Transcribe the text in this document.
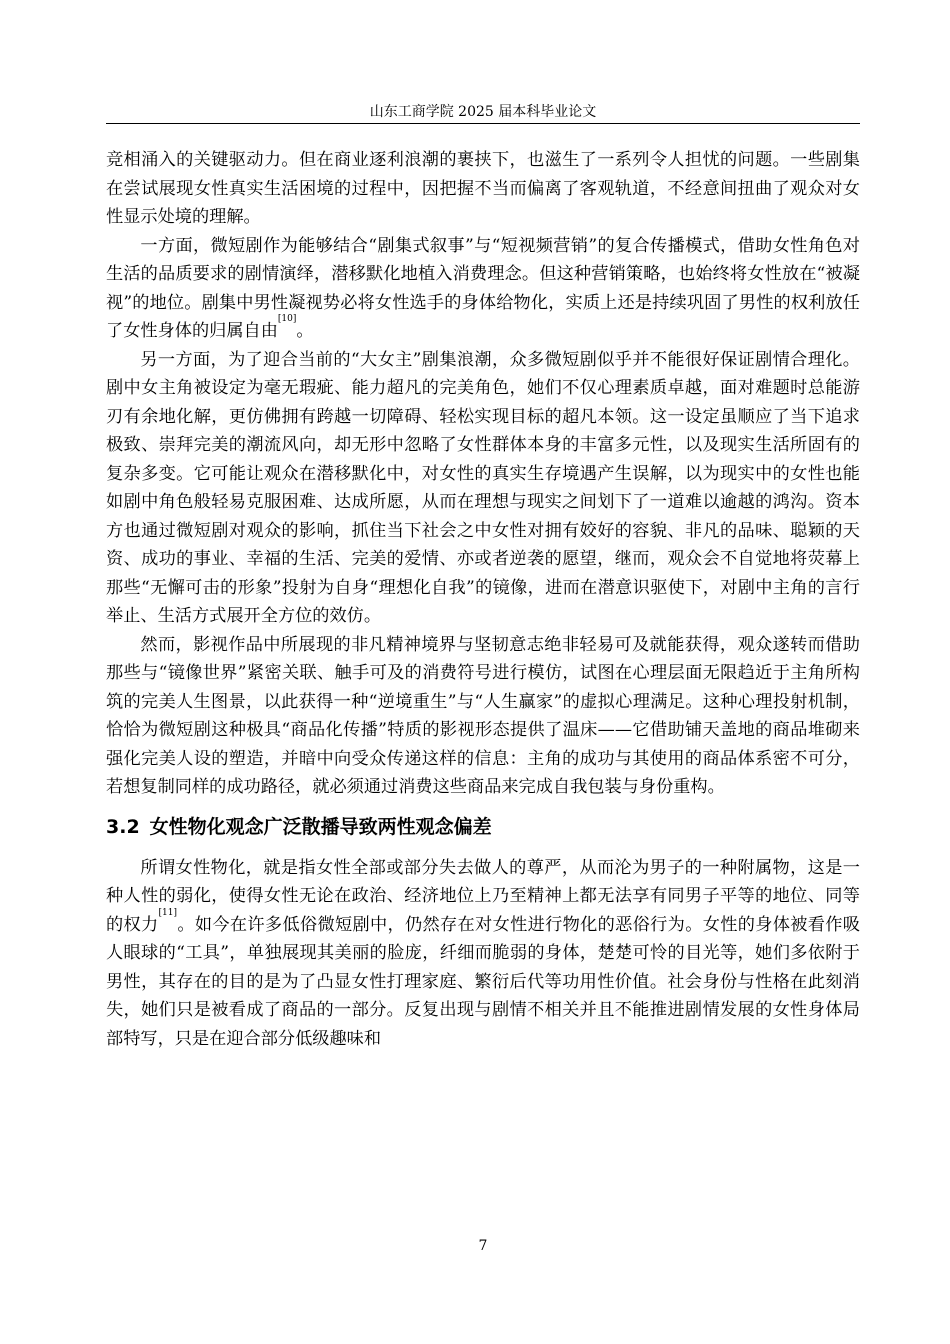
山东工商学院 2025 届本科毕业论文

竞相涌入的关键驱动力。但在商业逐利浪潮的裹挟下，也滋生了一系列令人担忧的问题。一些剧集在尝试展现女性真实生活困境的过程中，因把握不当而偏离了客观轨道，不经意间扭曲了观众对女性显示处境的理解。

一方面，微短剧作为能够结合“剧集式叙事”与“短视频营销”的复合传播模式，借助女性角色对生活的品质要求的剧情演绎，潜移默化地植入消费理念。但这种营销策略，也始终将女性放在“被凝视”的地位。剧集中男性凝视势必将女性选手的身体给物化，实质上还是持续巩固了男性的权利放任了女性身体的归属自由[10]。

另一方面，为了迎合当前的“大女主”剧集浪潮，众多微短剧似乎并不能很好保证剧情合理化。剧中女主角被设定为毫无瑕疵、能力超凡的完美角色，她们不仅心理素质卓越，面对难题时总能游刃有余地化解，更仿佛拥有跨越一切障碍、轻松实现目标的超凡本领。这一设定虽顺应了当下追求极致、崇拜完美的潮流风向，却无形中忽略了女性群体本身的丰富多元性，以及现实生活所固有的复杂多变。它可能让观众在潜移默化中，对女性的真实生存境遇产生误解，以为现实中的女性也能如剧中角色般轻易克服困难、达成所愿，从而在理想与现实之间划下了一道难以逾越的鸿沟。资本方也通过微短剧对观众的影响，抓住当下社会之中女性对拥有姣好的容貌、非凡的品味、聪颖的天资、成功的事业、幸福的生活、完美的爱情、亦或者逆袭的愿望，继而，观众会不自觉地将荧幕上那些“无懈可击的形象”投射为自身“理想化自我”的镜像，进而在潜意识驱使下，对剧中主角的言行举止、生活方式展开全方位的效仿。

然而，影视作品中所展现的非凡精神境界与坚韧意志绝非轻易可及就能获得，观众遂转而借助那些与“镜像世界”紧密关联、触手可及的消费符号进行模仿，试图在心理层面无限趋近于主角所构筑的完美人生图景，以此获得一种“逆境重生”与“人生赢家”的虚拟心理满足。这种心理投射机制，恰恰为微短剧这种极具“商品化传播”特质的影视形态提供了温床——它借助铺天盖地的商品堆砌来强化完美人设的塑造，并暗中向受众传递这样的信息：主角的成功与其使用的商品体系密不可分，若想复制同样的成功路径，就必须通过消费这些商品来完成自我包装与身份重构。

3.2 女性物化观念广泛散播导致两性观念偏差

所谓女性物化，就是指女性全部或部分失去做人的尊严，从而沦为男子的一种附属物，这是一种人性的弱化，使得女性无论在政治、经济地位上乃至精神上都无法享有同男子平等的地位、同等的权力[11]。如今在许多低俗微短剧中，仍然存在对女性进行物化的恶俗行为。女性的身体被看作吸人眼球的“工具”，单独展现其美丽的脸庞，纤细而脆弱的身体，楚楚可怜的目光等，她们多依附于男性，其存在的目的是为了凸显女性打理家庭、繁衍后代等功用性价值。社会身份与性格在此刻消失，她们只是被看成了商品的一部分。反复出现与剧情不相关并且不能推进剧情发展的女性身体局部特写，只是在迎合部分低级趣味和

7
